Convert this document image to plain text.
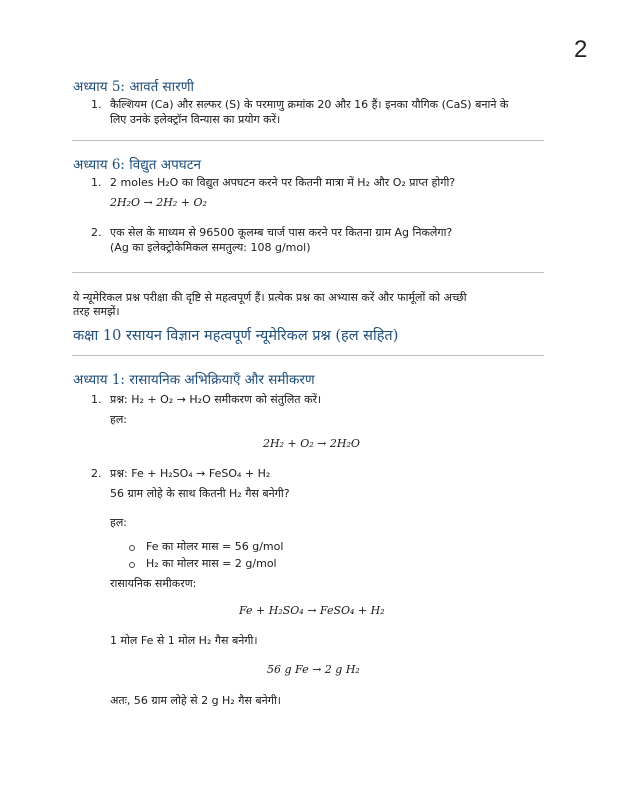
2
अध्याय 5: आवर्त सारणी
1. कैल्शियम (Ca) और सल्फर (S) के परमाणु क्रमांक 20 और 16 हैं। इनका यौगिक (CaS) बनाने के
लिए उनके इलेक्ट्रॉन विन्यास का प्रयोग करें।
अध्याय 6: विद्युत अपघटन
1. 2 moles H₂O का विद्युत अपघटन करने पर कितनी मात्रा में H₂ और O₂ प्राप्त होगी?
2H₂O → 2H₂ + O₂
2. एक सेल के माध्यम से 96500 कूलम्ब चार्ज पास करने पर कितना ग्राम Ag निकलेगा?
(Ag का इलेक्ट्रोकेमिकल समतुल्य: 108 g/mol)
ये न्यूमेरिकल प्रश्न परीक्षा की दृष्टि से महत्वपूर्ण हैं। प्रत्येक प्रश्न का अभ्यास करें और फार्मूलों को अच्छी
तरह समझें।
कक्षा 10 रसायन विज्ञान महत्वपूर्ण न्यूमेरिकल प्रश्न (हल सहित)
अध्याय 1: रासायनिक अभिक्रियाएँ और समीकरण
1. प्रश्न: H₂ + O₂ → H₂O समीकरण को संतुलित करें।
हल:
2H₂ + O₂ → 2H₂O
2. प्रश्न: Fe + H₂SO₄ → FeSO₄ + H₂
56 ग्राम लोहे के साथ कितनी H₂ गैस बनेगी?
हल:
Fe का मोलर मास = 56 g/mol
H₂ का मोलर मास = 2 g/mol
रासायनिक समीकरण:
Fe + H₂SO₄ → FeSO₄ + H₂
1 मोल Fe से 1 मोल H₂ गैस बनेगी।
56 g Fe → 2 g H₂
अतः, 56 ग्राम लोहे से 2 g H₂ गैस बनेगी।
